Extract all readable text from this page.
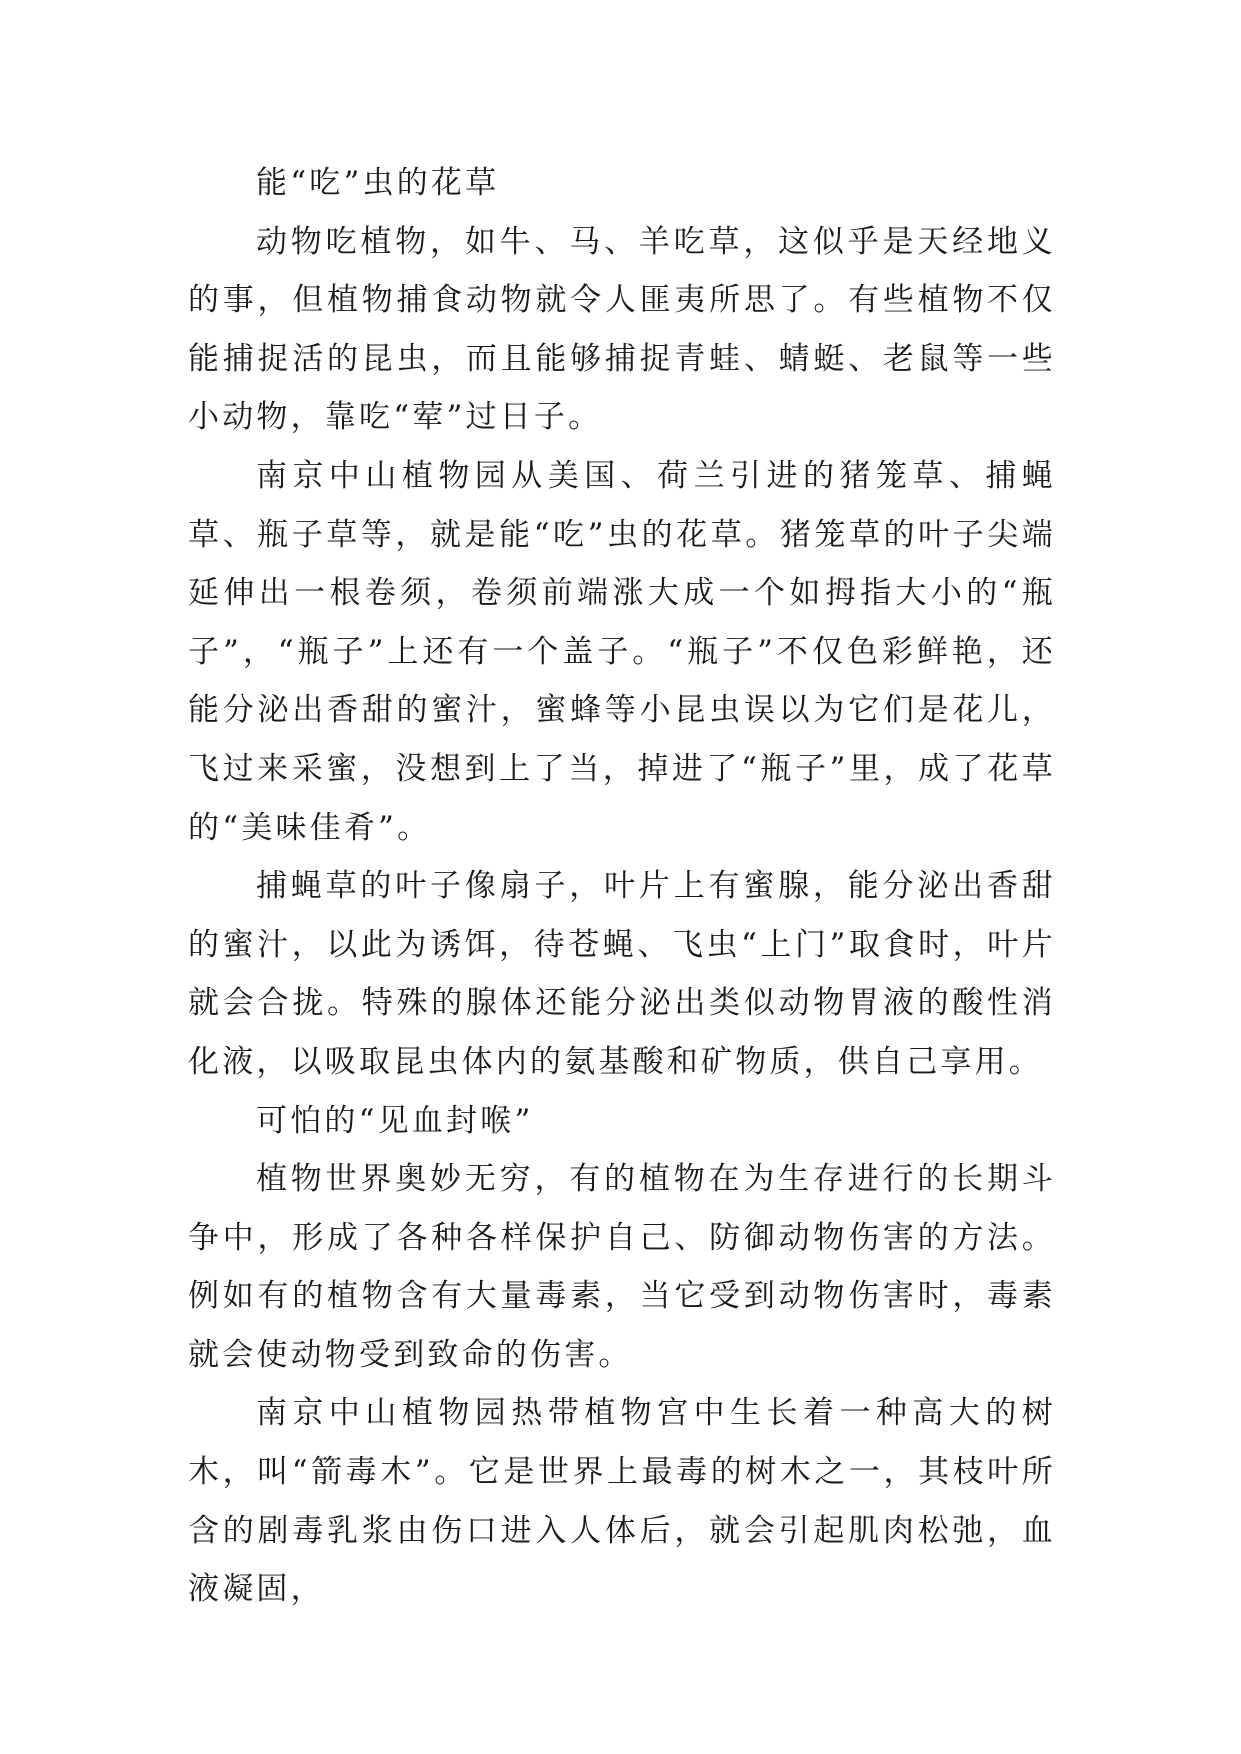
能“吃”虫的花草

动物吃植物，如牛、马、羊吃草，这似乎是天经地义的事，但植物捕食动物就令人匪夷所思了。有些植物不仅能捕捉活的昆虫，而且能够捕捉青蛙、蜻蜓、老鼠等一些小动物，靠吃“荤”过日子。

南京中山植物园从美国、荷兰引进的猪笼草、捕蝇草、瓶子草等，就是能“吃”虫的花草。猪笼草的叶子尖端延伸出一根卷须，卷须前端涨大成一个如拇指大小的“瓶子”，“瓶子”上还有一个盖子。“瓶子”不仅色彩鲜艳，还能分泌出香甜的蜜汁，蜜蜂等小昆虫误以为它们是花儿，飞过来采蜜，没想到上了当，掉进了“瓶子”里，成了花草的“美味佳肴”。

捕蝇草的叶子像扇子，叶片上有蜜腺，能分泌出香甜的蜜汁，以此为诱饵，待苍蝇、飞虫“上门”取食时，叶片就会合拢。特殊的腺体还能分泌出类似动物胃液的酸性消化液，以吸取昆虫体内的氨基酸和矿物质，供自己享用。

可怕的“见血封喉”

植物世界奥妙无穷，有的植物在为生存进行的长期斗争中，形成了各种各样保护自己、防御动物伤害的方法。例如有的植物含有大量毒素，当它受到动物伤害时，毒素就会使动物受到致命的伤害。

南京中山植物园热带植物宫中生长着一种高大的树木，叫“箭毒木”。它是世界上最毒的树木之一，其枝叶所含的剧毒乳浆由伤口进入人体后，就会引起肌肉松弛，血液凝固，
